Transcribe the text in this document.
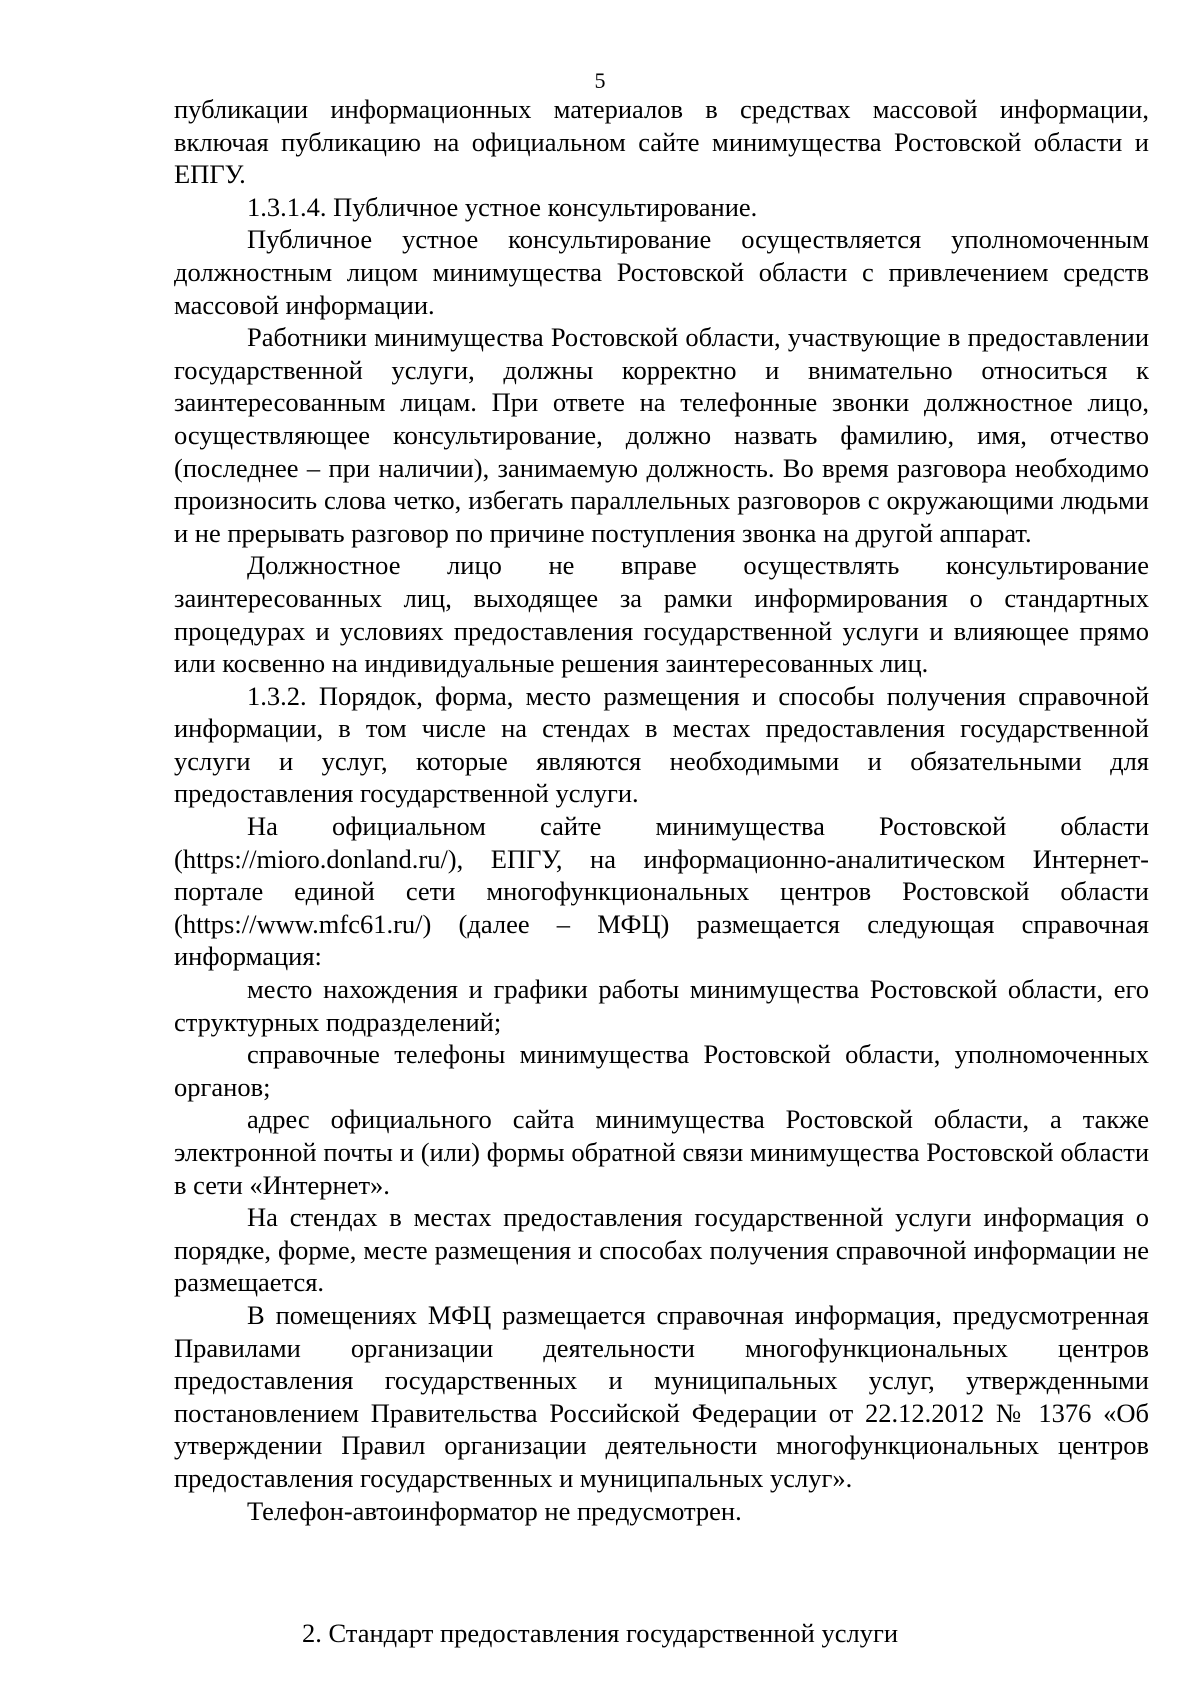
5

публикации информационных материалов в средствах массовой информации, включая публикацию на официальном сайте минимущества Ростовской области и ЕПГУ.

1.3.1.4. Публичное устное консультирование.

Публичное устное консультирование осуществляется уполномоченным должностным лицом минимущества Ростовской области с привлечением средств массовой информации.

Работники минимущества Ростовской области, участвующие в предоставлении государственной услуги, должны корректно и внимательно относиться к заинтересованным лицам. При ответе на телефонные звонки должностное лицо, осуществляющее консультирование, должно назвать фамилию, имя, отчество (последнее – при наличии), занимаемую должность. Во время разговора необходимо произносить слова четко, избегать параллельных разговоров с окружающими людьми и не прерывать разговор по причине поступления звонка на другой аппарат.

Должностное лицо не вправе осуществлять консультирование заинтересованных лиц, выходящее за рамки информирования о стандартных процедурах и условиях предоставления государственной услуги и влияющее прямо или косвенно на индивидуальные решения заинтересованных лиц.

1.3.2. Порядок, форма, место размещения и способы получения справочной информации, в том числе на стендах в местах предоставления государственной услуги и услуг, которые являются необходимыми и обязательными для предоставления государственной услуги.

На официальном сайте минимущества Ростовской области (https://mioro.donland.ru/), ЕПГУ, на информационно-аналитическом Интернет-портале единой сети многофункциональных центров Ростовской области (https://www.mfc61.ru/) (далее – МФЦ) размещается следующая справочная информация:

место нахождения и графики работы минимущества Ростовской области, его структурных подразделений;

справочные телефоны минимущества Ростовской области, уполномоченных органов;

адрес официального сайта минимущества Ростовской области, а также электронной почты и (или) формы обратной связи минимущества Ростовской области в сети «Интернет».

На стендах в местах предоставления государственной услуги информация о порядке, форме, месте размещения и способах получения справочной информации не размещается.

В помещениях МФЦ размещается справочная информация, предусмотренная Правилами организации деятельности многофункциональных центров предоставления государственных и муниципальных услуг, утвержденными постановлением Правительства Российской Федерации от 22.12.2012 № 1376 «Об утверждении Правил организации деятельности многофункциональных центров предоставления государственных и муниципальных услуг».

Телефон-автоинформатор не предусмотрен.

2. Стандарт предоставления государственной услуги
